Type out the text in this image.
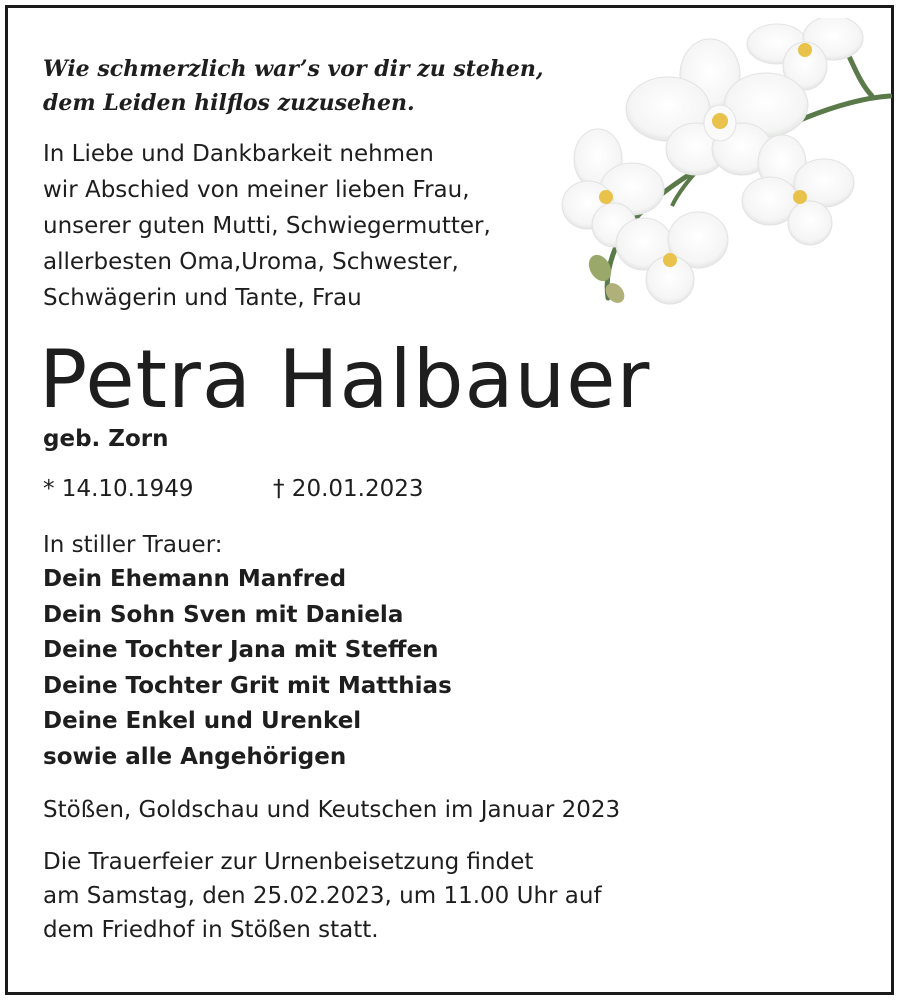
Wie schmerzlich war’s vor dir zu stehen,

dem Leiden hilflos zuzusehen.

In Liebe und Dankbarkeit nehmen
wir Abschied von meiner lieben Frau,
unserer guten Mutti, Schwiegermutter,
allerbesten Oma,Uroma, Schwester,
Schwägerin und Tante, Frau
Petra Halbauer
geb. Zorn
* 14.10.1949	† 20.01.2023
In stiller Trauer:
Dein Ehemann Manfred
Dein Sohn Sven mit Daniela
Deine Tochter Jana mit Steffen
Deine Tochter Grit mit Matthias
Deine Enkel und Urenkel
sowie alle Angehörigen
Stößen, Goldschau und Keutschen im Januar 2023
Die Trauerfeier zur Urnenbeisetzung findet
am Samstag, den 25.02.2023, um 11.00 Uhr auf
dem Friedhof in Stößen statt.
